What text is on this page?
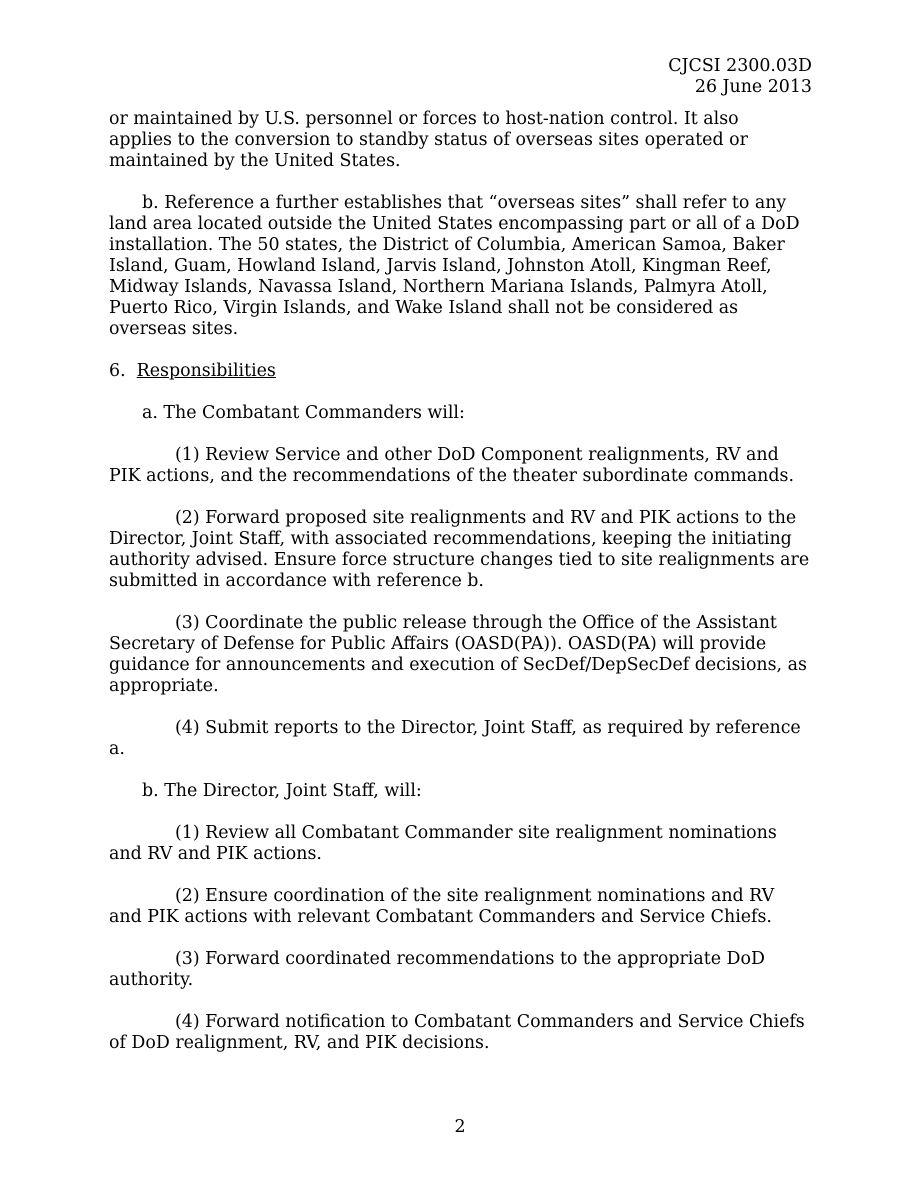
CJCSI 2300.03D
26 June 2013

or maintained by U.S. personnel or forces to host-nation control. It also

applies to the conversion to standby status of overseas sites operated or

maintained by the United States.

b. Reference a further establishes that “overseas sites” shall refer to any

land area located outside the United States encompassing part or all of a DoD

installation. The 50 states, the District of Columbia, American Samoa, Baker

Island, Guam, Howland Island, Jarvis Island, Johnston Atoll, Kingman Reef,

Midway Islands, Navassa Island, Northern Mariana Islands, Palmyra Atoll,

Puerto Rico, Virgin Islands, and Wake Island shall not be considered as

overseas sites.

6. Responsibilities

a. The Combatant Commanders will:

(1) Review Service and other DoD Component realignments, RV and

PIK actions, and the recommendations of the theater subordinate commands.

(2) Forward proposed site realignments and RV and PIK actions to the

Director, Joint Staff, with associated recommendations, keeping the initiating

authority advised. Ensure force structure changes tied to site realignments are

submitted in accordance with reference b.

(3) Coordinate the public release through the Office of the Assistant

Secretary of Defense for Public Affairs (OASD(PA)). OASD(PA) will provide

guidance for announcements and execution of SecDef/DepSecDef decisions, as

appropriate.

(4) Submit reports to the Director, Joint Staff, as required by reference

a.

b. The Director, Joint Staff, will:

(1) Review all Combatant Commander site realignment nominations

and RV and PIK actions.

(2) Ensure coordination of the site realignment nominations and RV

and PIK actions with relevant Combatant Commanders and Service Chiefs.

(3) Forward coordinated recommendations to the appropriate DoD

authority.

(4) Forward notification to Combatant Commanders and Service Chiefs

of DoD realignment, RV, and PIK decisions.

2
